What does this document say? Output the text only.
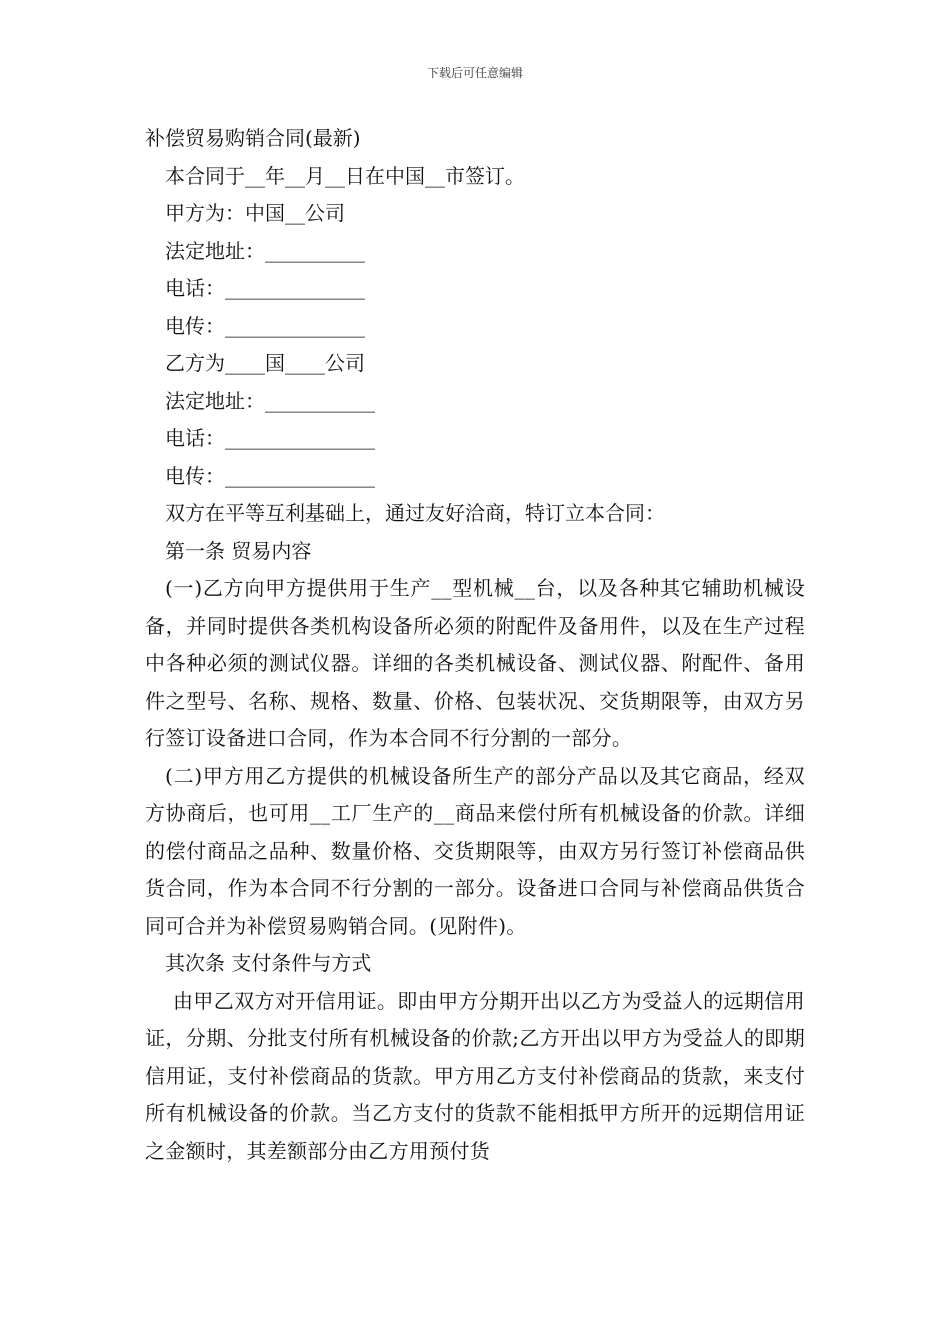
下载后可任意编辑

补偿贸易购销合同(最新)

本合同于__年__月__日在中国__市签订。

甲方为：中国__公司

法定地址：__________

电话：______________

电传：______________

乙方为____国____公司

法定地址：___________

电话：_______________

电传：_______________

双方在平等互利基础上，通过友好洽商，特订立本合同：

第一条 贸易内容

(一)乙方向甲方提供用于生产__型机械__台，以及各种其它辅助机械设备，并同时提供各类机构设备所必须的附配件及备用件，以及在生产过程中各种必须的测试仪器。详细的各类机械设备、测试仪器、附配件、备用件之型号、名称、规格、数量、价格、包装状况、交货期限等，由双方另行签订设备进口合同，作为本合同不行分割的一部分。

(二)甲方用乙方提供的机械设备所生产的部分产品以及其它商品，经双方协商后，也可用__工厂生产的__商品来偿付所有机械设备的价款。详细的偿付商品之品种、数量价格、交货期限等，由双方另行签订补偿商品供货合同，作为本合同不行分割的一部分。设备进口合同与补偿商品供货合同可合并为补偿贸易购销合同。(见附件)。

其次条 支付条件与方式

由甲乙双方对开信用证。即由甲方分期开出以乙方为受益人的远期信用证，分期、分批支付所有机械设备的价款;乙方开出以甲方为受益人的即期信用证，支付补偿商品的货款。甲方用乙方支付补偿商品的货款，来支付所有机械设备的价款。当乙方支付的货款不能相抵甲方所开的远期信用证之金额时，其差额部分由乙方用预付货
